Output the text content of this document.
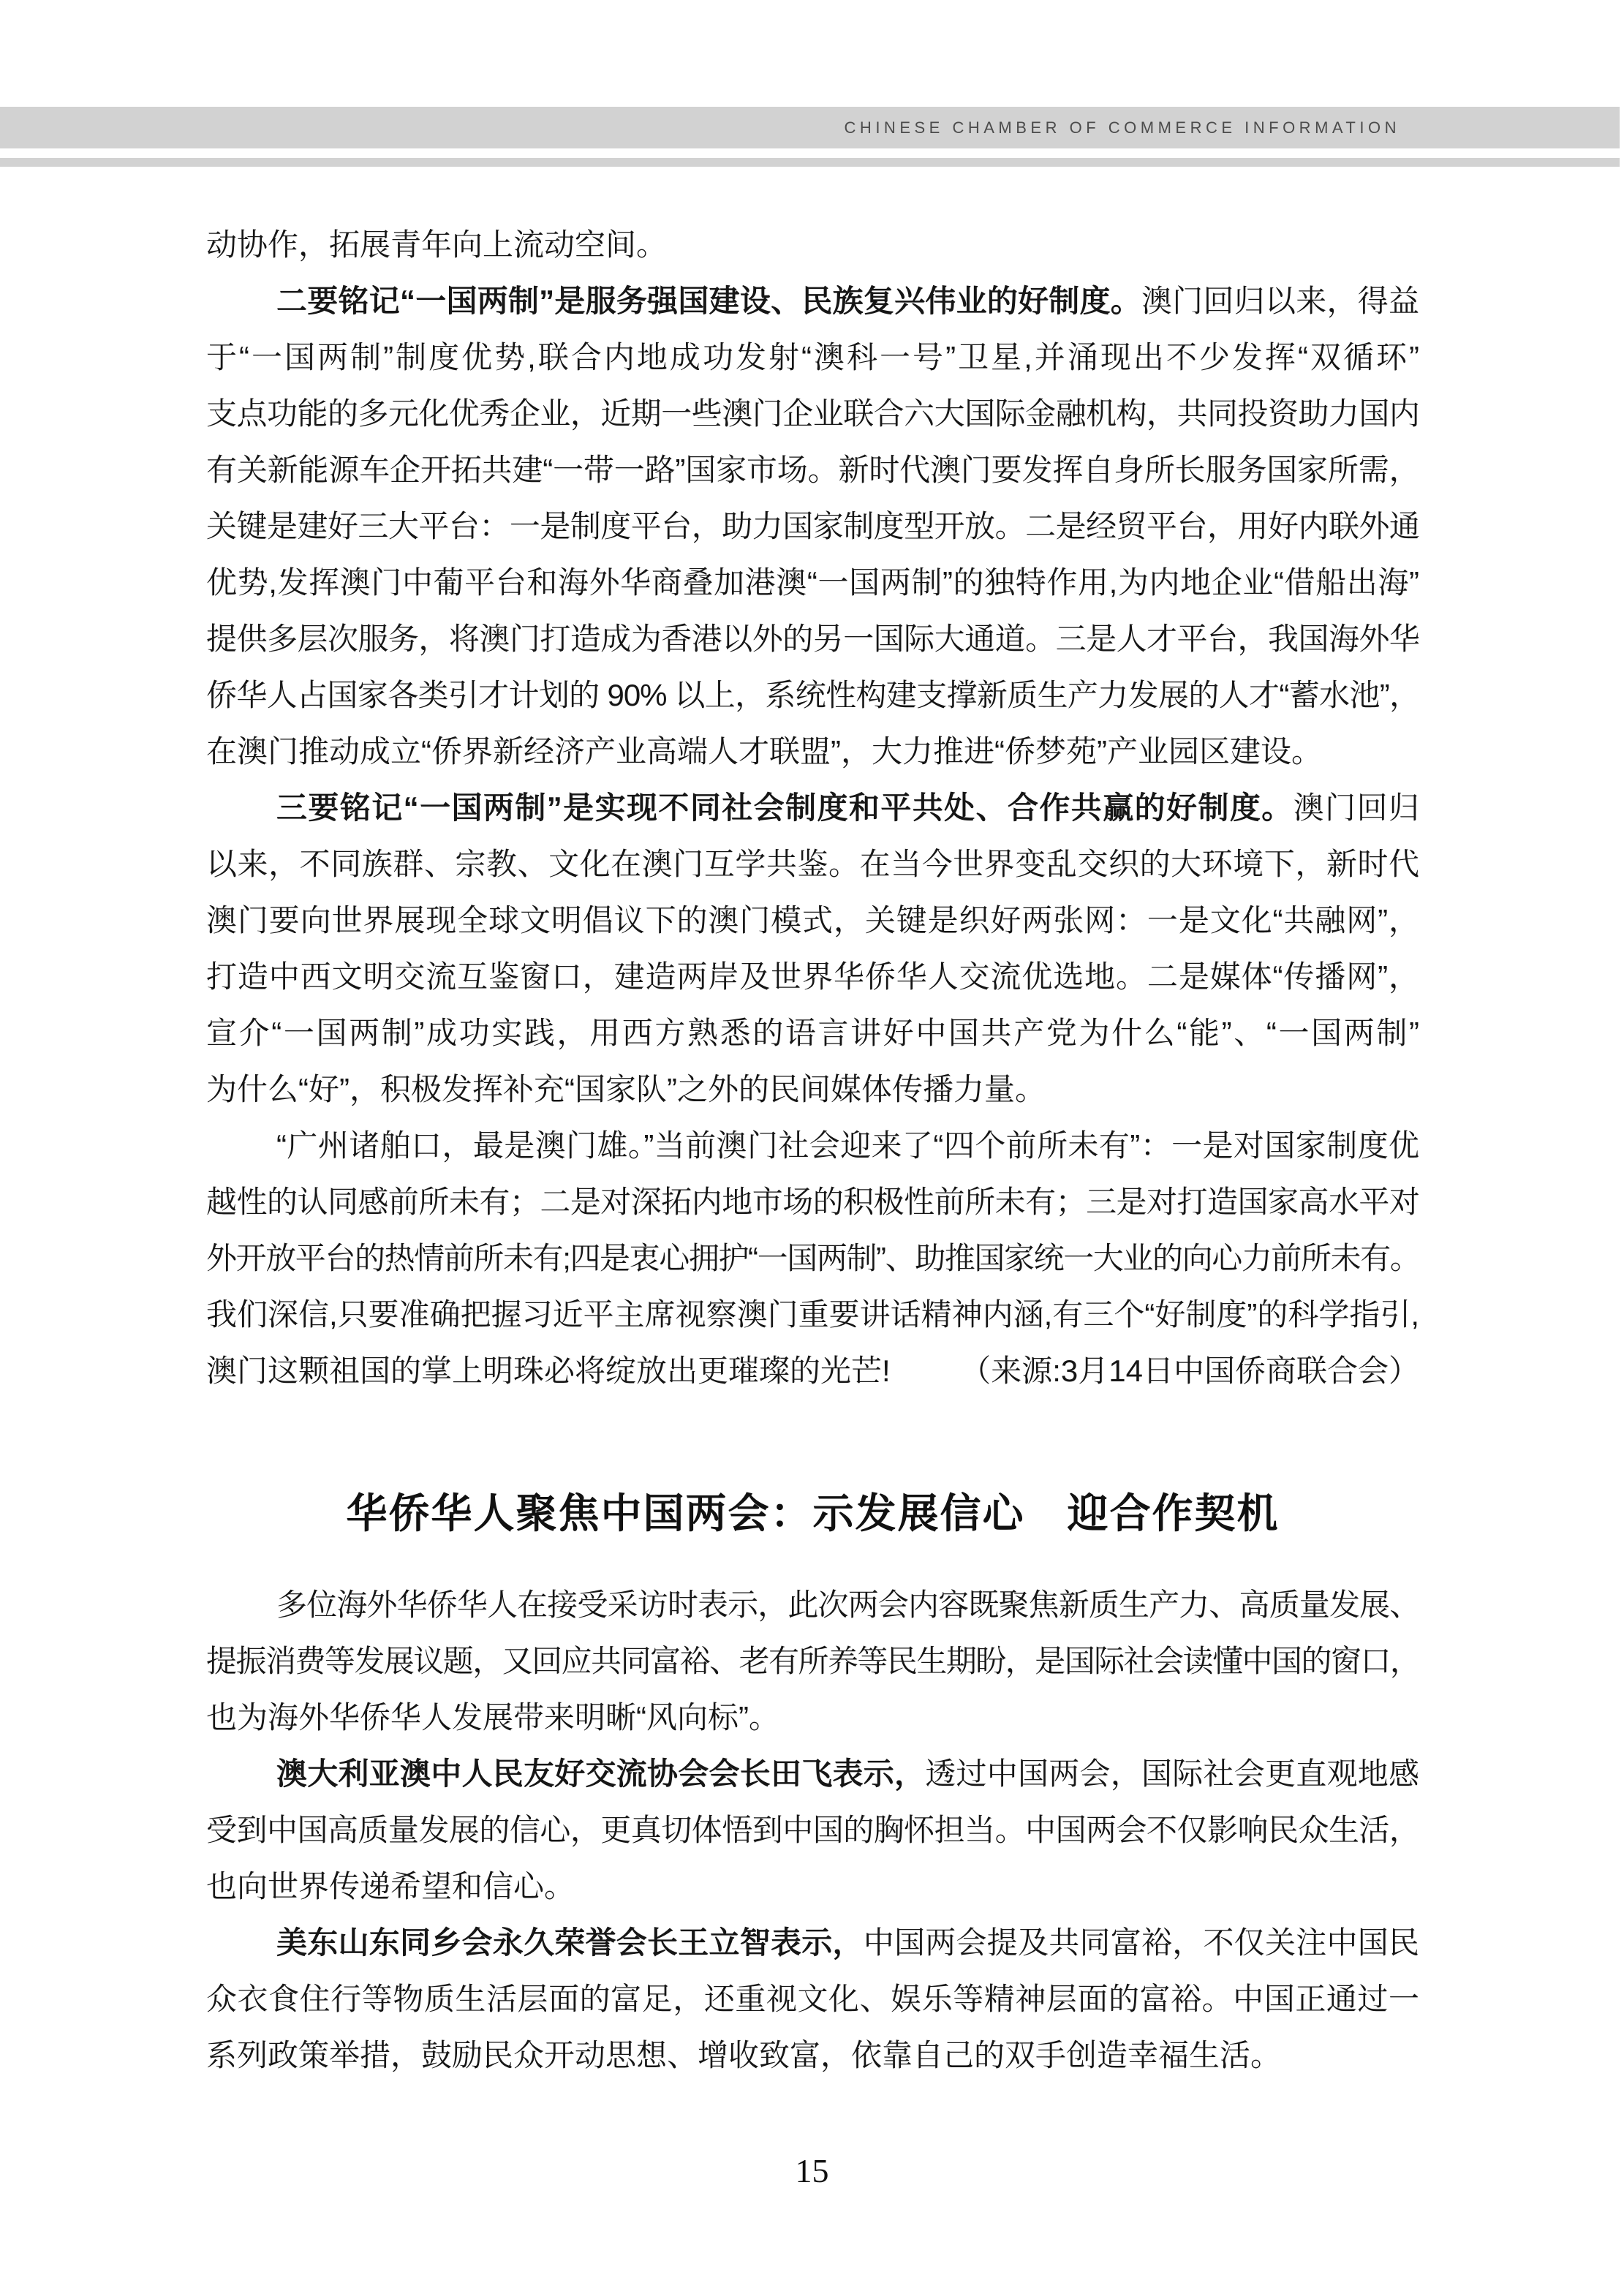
CHINESE CHAMBER OF COMMERCE INFORMATION
动协作，拓展青年向上流动空间。
二要铭记“一国两制”是服务强国建设、民族复兴伟业的好制度。澳门回归以来，得益
于“一国两制”制度优势,联合内地成功发射“澳科一号”卫星,并涌现出不少发挥“双循环”
支点功能的多元化优秀企业，近期一些澳门企业联合六大国际金融机构，共同投资助力国内
有关新能源车企开拓共建“一带一路”国家市场。新时代澳门要发挥自身所长服务国家所需，
关键是建好三大平台：一是制度平台，助力国家制度型开放。二是经贸平台，用好内联外通
优势,发挥澳门中葡平台和海外华商叠加港澳“一国两制”的独特作用,为内地企业“借船出海”
提供多层次服务，将澳门打造成为香港以外的另一国际大通道。三是人才平台，我国海外华
侨华人占国家各类引才计划的 90% 以上，系统性构建支撑新质生产力发展的人才“蓄水池”，
在澳门推动成立“侨界新经济产业高端人才联盟”，大力推进“侨梦苑”产业园区建设。
三要铭记“一国两制”是实现不同社会制度和平共处、合作共赢的好制度。澳门回归
以来，不同族群、宗教、文化在澳门互学共鉴。在当今世界变乱交织的大环境下，新时代
澳门要向世界展现全球文明倡议下的澳门模式，关键是织好两张网：一是文化“共融网”，
打造中西文明交流互鉴窗口，建造两岸及世界华侨华人交流优选地。二是媒体“传播网”，
宣介“一国两制”成功实践，用西方熟悉的语言讲好中国共产党为什么“能”、“一国两制”
为什么“好”，积极发挥补充“国家队”之外的民间媒体传播力量。
“广州诸舶口，最是澳门雄。”当前澳门社会迎来了“四个前所未有”：一是对国家制度优
越性的认同感前所未有；二是对深拓内地市场的积极性前所未有；三是对打造国家高水平对
外开放平台的热情前所未有;四是衷心拥护“一国两制”、助推国家统一大业的向心力前所未有。
我们深信,只要准确把握习近平主席视察澳门重要讲话精神内涵,有三个“好制度”的科学指引,
澳门这颗祖国的掌上明珠必将绽放出更璀璨的光芒! （来源:3月14日中国侨商联合会）
华侨华人聚焦中国两会：示发展信心　迎合作契机
多位海外华侨华人在接受采访时表示，此次两会内容既聚焦新质生产力、高质量发展、
提振消费等发展议题，又回应共同富裕、老有所养等民生期盼，是国际社会读懂中国的窗口，
也为海外华侨华人发展带来明晰“风向标”。
澳大利亚澳中人民友好交流协会会长田飞表示，透过中国两会，国际社会更直观地感
受到中国高质量发展的信心，更真切体悟到中国的胸怀担当。中国两会不仅影响民众生活，
也向世界传递希望和信心。
美东山东同乡会永久荣誉会长王立智表示，中国两会提及共同富裕，不仅关注中国民
众衣食住行等物质生活层面的富足，还重视文化、娱乐等精神层面的富裕。中国正通过一
系列政策举措，鼓励民众开动思想、增收致富，依靠自己的双手创造幸福生活。
15
